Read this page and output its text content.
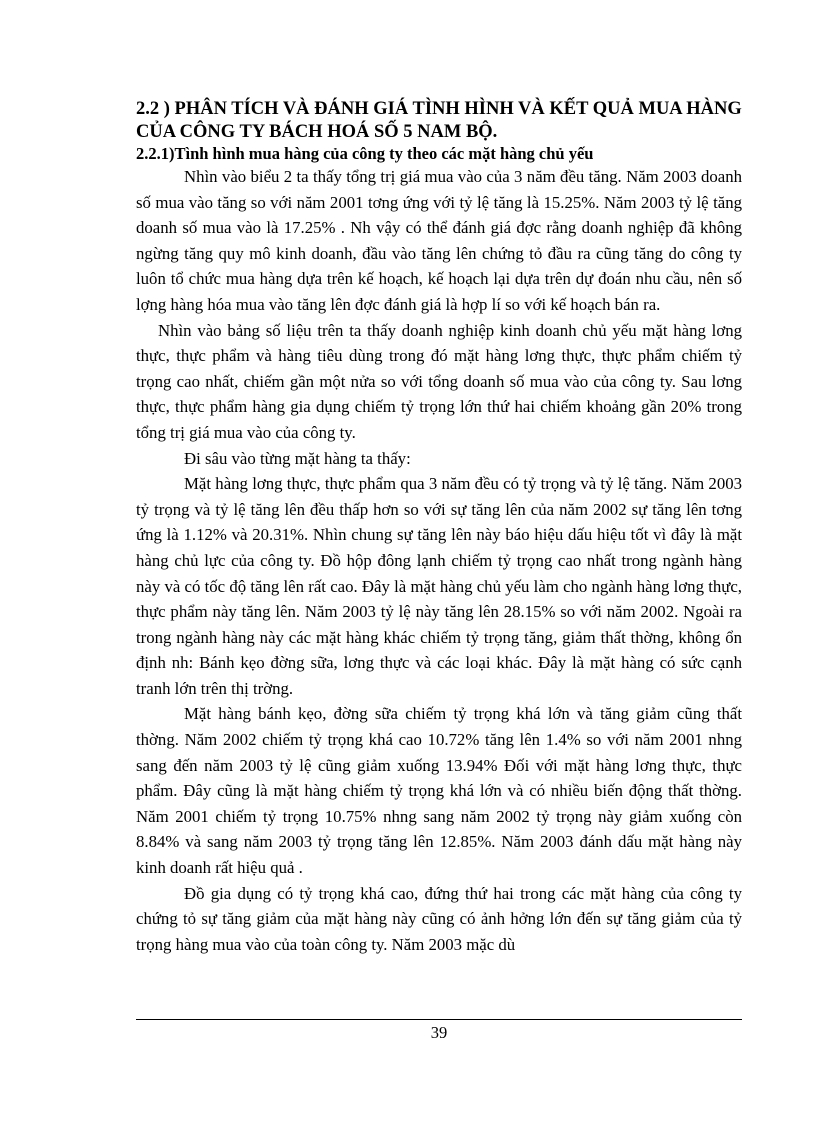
2.2 ) PHÂN TÍCH VÀ ĐÁNH GIÁ TÌNH HÌNH VÀ KẾT QUẢ MUA HÀNG CỦA CÔNG TY BÁCH HOÁ SỐ 5 NAM BỘ.
2.2.1)Tình hình mua hàng của công ty theo các mặt hàng chủ yếu

Nhìn vào biểu 2 ta thấy tổng trị giá mua vào của 3 năm đều tăng. Năm 2003 doanh số mua vào tăng so với năm 2001 tơng ứng với tỷ lệ tăng là 15.25%. Năm 2003 tỷ lệ tăng doanh số mua vào là 17.25% . Nh vậy có thể đánh giá đợc rằng doanh nghiệp đã không ngừng tăng quy mô kinh doanh, đầu vào tăng lên chứng tỏ đầu ra cũng tăng do công ty luôn tổ chức mua hàng dựa trên kế hoạch, kế hoạch lại dựa trên dự đoán nhu cầu, nên số lợng hàng hóa mua vào tăng lên đợc đánh giá là hợp lí so với kế hoạch bán ra.

Nhìn vào bảng số liệu trên ta thấy doanh nghiệp kinh doanh chủ yếu mặt hàng lơng thực, thực phẩm và hàng tiêu dùng trong đó mặt hàng lơng thực, thực phẩm chiếm tỷ trọng cao nhất, chiếm gần một nửa so với tổng doanh số mua vào của công ty. Sau lơng thực, thực phẩm hàng gia dụng chiếm tỷ trọng lớn thứ hai chiếm khoảng gần 20% trong tổng trị giá mua vào của công ty.

Đi sâu vào từng mặt hàng ta thấy:

Mặt hàng lơng thực, thực phẩm qua 3 năm đều có tỷ trọng và tỷ lệ tăng. Năm 2003 tỷ trọng và tỷ lệ tăng lên đều thấp hơn so với sự tăng lên của năm 2002 sự tăng lên tơng ứng là 1.12% và 20.31%. Nhìn chung sự tăng lên này báo hiệu dấu hiệu tốt vì đây là mặt hàng chủ lực của công ty. Đồ hộp đông lạnh chiếm tỷ trọng cao nhất trong ngành hàng này và có tốc độ tăng lên rất cao. Đây là mặt hàng chủ yếu làm cho ngành hàng lơng thực, thực phẩm này tăng lên. Năm 2003 tỷ lệ này tăng lên 28.15% so với năm 2002. Ngoài ra trong ngành hàng này các mặt hàng khác chiếm tỷ trọng tăng, giảm thất thờng, không ổn định nh: Bánh kẹo đờng sữa, lơng thực và các loại khác. Đây là mặt hàng có sức cạnh tranh lớn trên thị trờng.

Mặt hàng bánh kẹo, đờng sữa chiếm tỷ trọng khá lớn và tăng giảm cũng thất thờng. Năm 2002 chiếm tỷ trọng khá cao 10.72% tăng lên 1.4% so với năm 2001 nhng sang đến năm 2003 tỷ lệ cũng giảm xuống 13.94% Đối với mặt hàng lơng thực, thực phẩm. Đây cũng là mặt hàng chiếm tỷ trọng khá lớn và có nhiều biến động thất thờng. Năm 2001 chiếm tỷ trọng 10.75% nhng sang năm 2002 tỷ trọng này giảm xuống còn 8.84% và sang năm 2003 tỷ trọng tăng lên 12.85%. Năm 2003 đánh dấu mặt hàng này kinh doanh rất hiệu quả .

Đồ gia dụng có tỷ trọng khá cao, đứng thứ hai trong các mặt hàng của công ty chứng tỏ sự tăng giảm của mặt hàng này cũng có ảnh hởng lớn đến sự tăng giảm của tỷ trọng hàng mua vào của toàn công ty. Năm 2003 mặc dù

39
